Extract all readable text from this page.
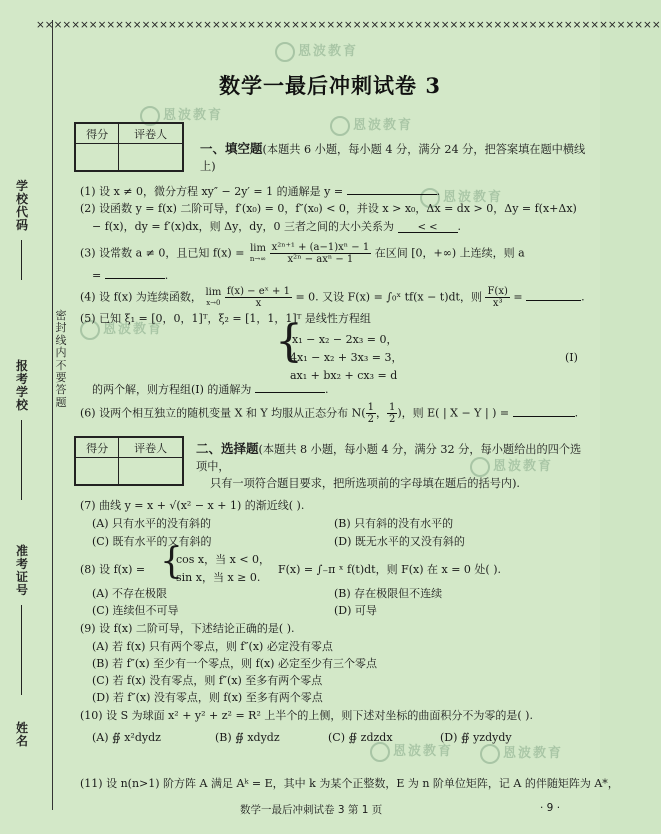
×××××××××××××××××××××××××××××××××××××××××××××××××××××××××××××××××××××××
学校代码
报考学校
准考证号
姓名
密封线内不要答题
恩波教育
恩波教育
恩波教育
恩波教育
恩波教育
恩波教育
恩波教育	恩波教育
数学一最后冲刺试卷 3
得分	评卷人

一、填空题(本题共 6 小题，每小题 4 分，满分 24 分，把答案填在题中横线上)
(1) 设 x ≠ 0，微分方程 xy″ − 2y′ = 1 的通解是 y =	.
(2) 设函数 y = f(x) 二阶可导，f′(x₀) = 0，f″(x₀) < 0，并设 x > x₀，Δx = dx > 0，Δy = f(x+Δx)
− f(x)，dy = f′(x)dx，则 Δy，dy，0 三者之间的大小关系为 < < .
(3) 设常数 a ≠ 0，且已知 f(x) = lim
n→∞
$\frac{\text{x²ⁿ⁺¹ + (a−1)xⁿ − 1}}{\text{x²ⁿ − axⁿ − 1}}$ 在区间 [0，+∞) 上连续，则 a
=	.
(4) 设 f(x) 为连续函数， lim
x→0
$\frac{\text{f(x) − eˣ + 1}}{x} = 0$. 又设 F(x) = ∫₀ˣ tf(x − t)dt，则 $\frac{F(x)}{\text{x³}}$ =	.
(5) 已知 ξ₁ = [0，0，1]ᵀ，ξ₂ = [1，1，1]ᵀ 是线性方程组
{
x₁ − x₂ − 2x₃ = 0，
4x₁ − x₂ + 3x₃ = 3，
ax₁ + bx₂ + cx₃ = d
(I)
的两个解，则方程组(I) 的通解为	.
(6) 设两个相互独立的随机变量 X 和 Y 均服从正态分布 $N( \frac{1}{2}$ ， $\frac{1}{2}$ )，则 E( | X − Y | ) =	.
得分	评卷人
	二、选择题(本题共 8 小题，每小题 4 分，满分 32 分，每小题给出的四个选项中，
只有一项符合题目要求，把所选项前的字母填在题后的括号内).
(7) 曲线 y = x + √(x² − x + 1) 的渐近线( ).
(A) 只有水平的没有斜的	(B) 只有斜的没有水平的
(C) 既有水平的又有斜的	(D) 既无水平的又没有斜的
(8) 设 f(x) = {
cos x，当 x < 0，
sin x，当 x ≥ 0.
F(x) = ∫₋π ˣ f(t)dt，则 F(x) 在 x = 0 处( ).
(A) 不存在极限	(B) 存在极限但不连续
(C) 连续但不可导	(D) 可导
(9) 设 f(x) 二阶可导，下述结论正确的是( ).
(A) 若 f(x) 只有两个零点，则 f″(x) 必定没有零点
(B) 若 f″(x) 至少有一个零点，则 f(x) 必定至少有三个零点
(C) 若 f(x) 没有零点，则 f″(x) 至多有两个零点
(D) 若 f″(x) 没有零点，则 f(x) 至多有两个零点
(10) 设 S 为球面 x² + y² + z² = R² 上半个的上侧，则下述对坐标的曲面积分不为零的是( ).
(A) ∯ x²dydz	(B) ∯ xdydz	(C) ∯ zdzdx	(D) ∯ yzdydy
(11) 设 n(n>1) 阶方阵 A 满足 Aᵏ = E，其中 k 为某个正整数，E 为 n 阶单位矩阵，记 A 的伴随矩阵为 A*，
数学一最后冲刺试卷 3 第 1 页	· 9 ·
